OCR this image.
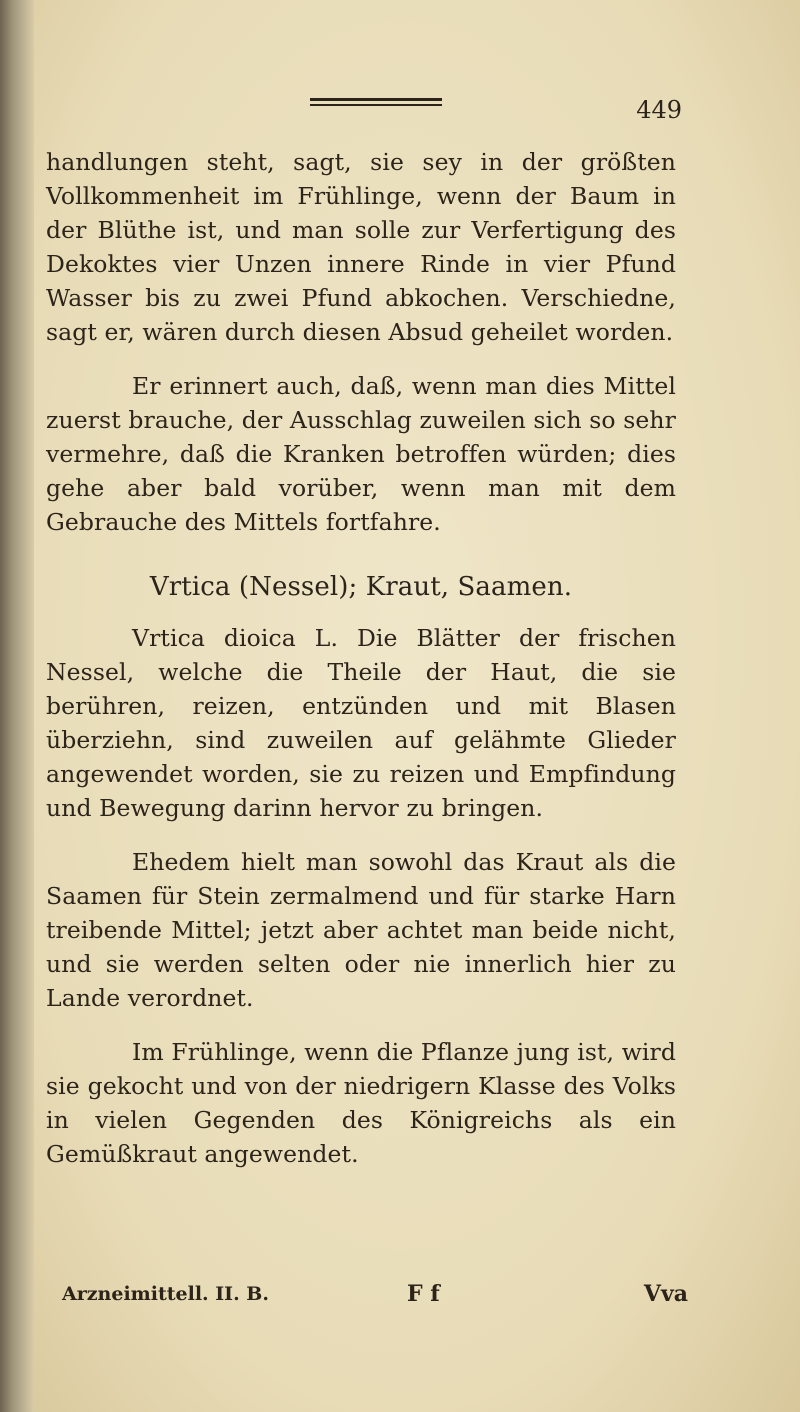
449

handlungen steht, sagt, sie sey in der größten Vollkommenheit im Frühlinge, wenn der Baum in der Blüthe ist, und man solle zur Verfertigung des Dekoktes vier Unzen innere Rinde in vier Pfund Wasser bis zu zwei Pfund abkochen. Verschiedne, sagt er, wären durch diesen Absud geheilet worden.

Er erinnert auch, daß, wenn man dies Mittel zuerst brauche, der Ausschlag zuweilen sich so sehr vermehre, daß die Kranken betroffen würden; dies gehe aber bald vorüber, wenn man mit dem Gebrauche des Mittels fortfahre.

Vrtica (Nessel); Kraut, Saamen.

Vrtica dioica L. Die Blätter der frischen Nessel, welche die Theile der Haut, die sie berühren, reizen, entzünden und mit Blasen überziehn, sind zuweilen auf gelähmte Glieder angewendet worden, sie zu reizen und Empfindung und Bewegung darinn hervor zu bringen.

Ehedem hielt man sowohl das Kraut als die Saamen für Stein zermalmend und für starke Harn treibende Mittel; jetzt aber achtet man beide nicht, und sie werden selten oder nie innerlich hier zu Lande verordnet.

Im Frühlinge, wenn die Pflanze jung ist, wird sie gekocht und von der niedrigern Klasse des Volks in vielen Gegenden des Königreichs als ein Gemüßkraut angewendet.

Arzneimittell. II. B.	F f	Vva
